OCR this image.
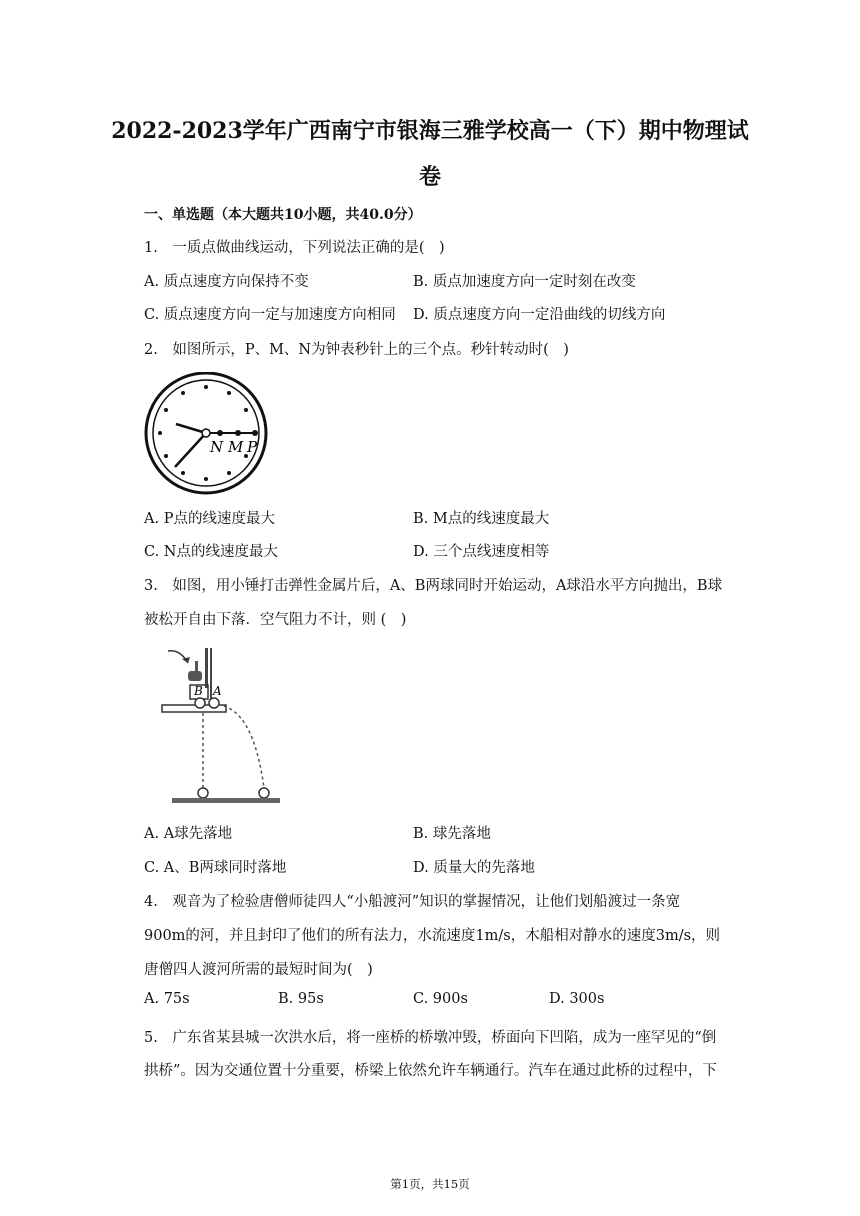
2022-2023学年广西南宁市银海三雅学校高一（下）期中物理试
卷
一、单选题（本大题共10小题，共40.0分）
1.　一质点做曲线运动，下列说法正确的是(　)
A. 质点速度方向保持不变	B. 质点加速度方向一定时刻在改变
C. 质点速度方向一定与加速度方向相同 D. 质点速度方向一定沿曲线的切线方向
2.　如图所示，P、M、N为钟表秒针上的三个点。秒针转动时(　)
N M P
A. P点的线速度最大	B. M点的线速度最大
C. N点的线速度最大	D. 三个点线速度相等
3.　如图，用小锤打击弹性金属片后，A、B两球同时开始运动，A球沿水平方向抛出，B球
被松开自由下落．空气阻力不计，则 (　)
B A
A. A球先落地	B. 球先落地
C. A、B两球同时落地	D. 质量大的先落地
4.　观音为了检验唐僧师徒四人“小船渡河”知识的掌握情况，让他们划船渡过一条宽
900m的河，并且封印了他们的所有法力，水流速度1m/s，木船相对静水的速度3m/s，则
唐僧四人渡河所需的最短时间为(　)
A. 75s	B. 95s	C. 900s	D. 300s
5.　广东省某县城一次洪水后，将一座桥的桥墩冲毁，桥面向下凹陷，成为一座罕见的“倒
拱桥”。因为交通位置十分重要，桥梁上依然允许车辆通行。汽车在通过此桥的过程中，下
第1页，共15页
